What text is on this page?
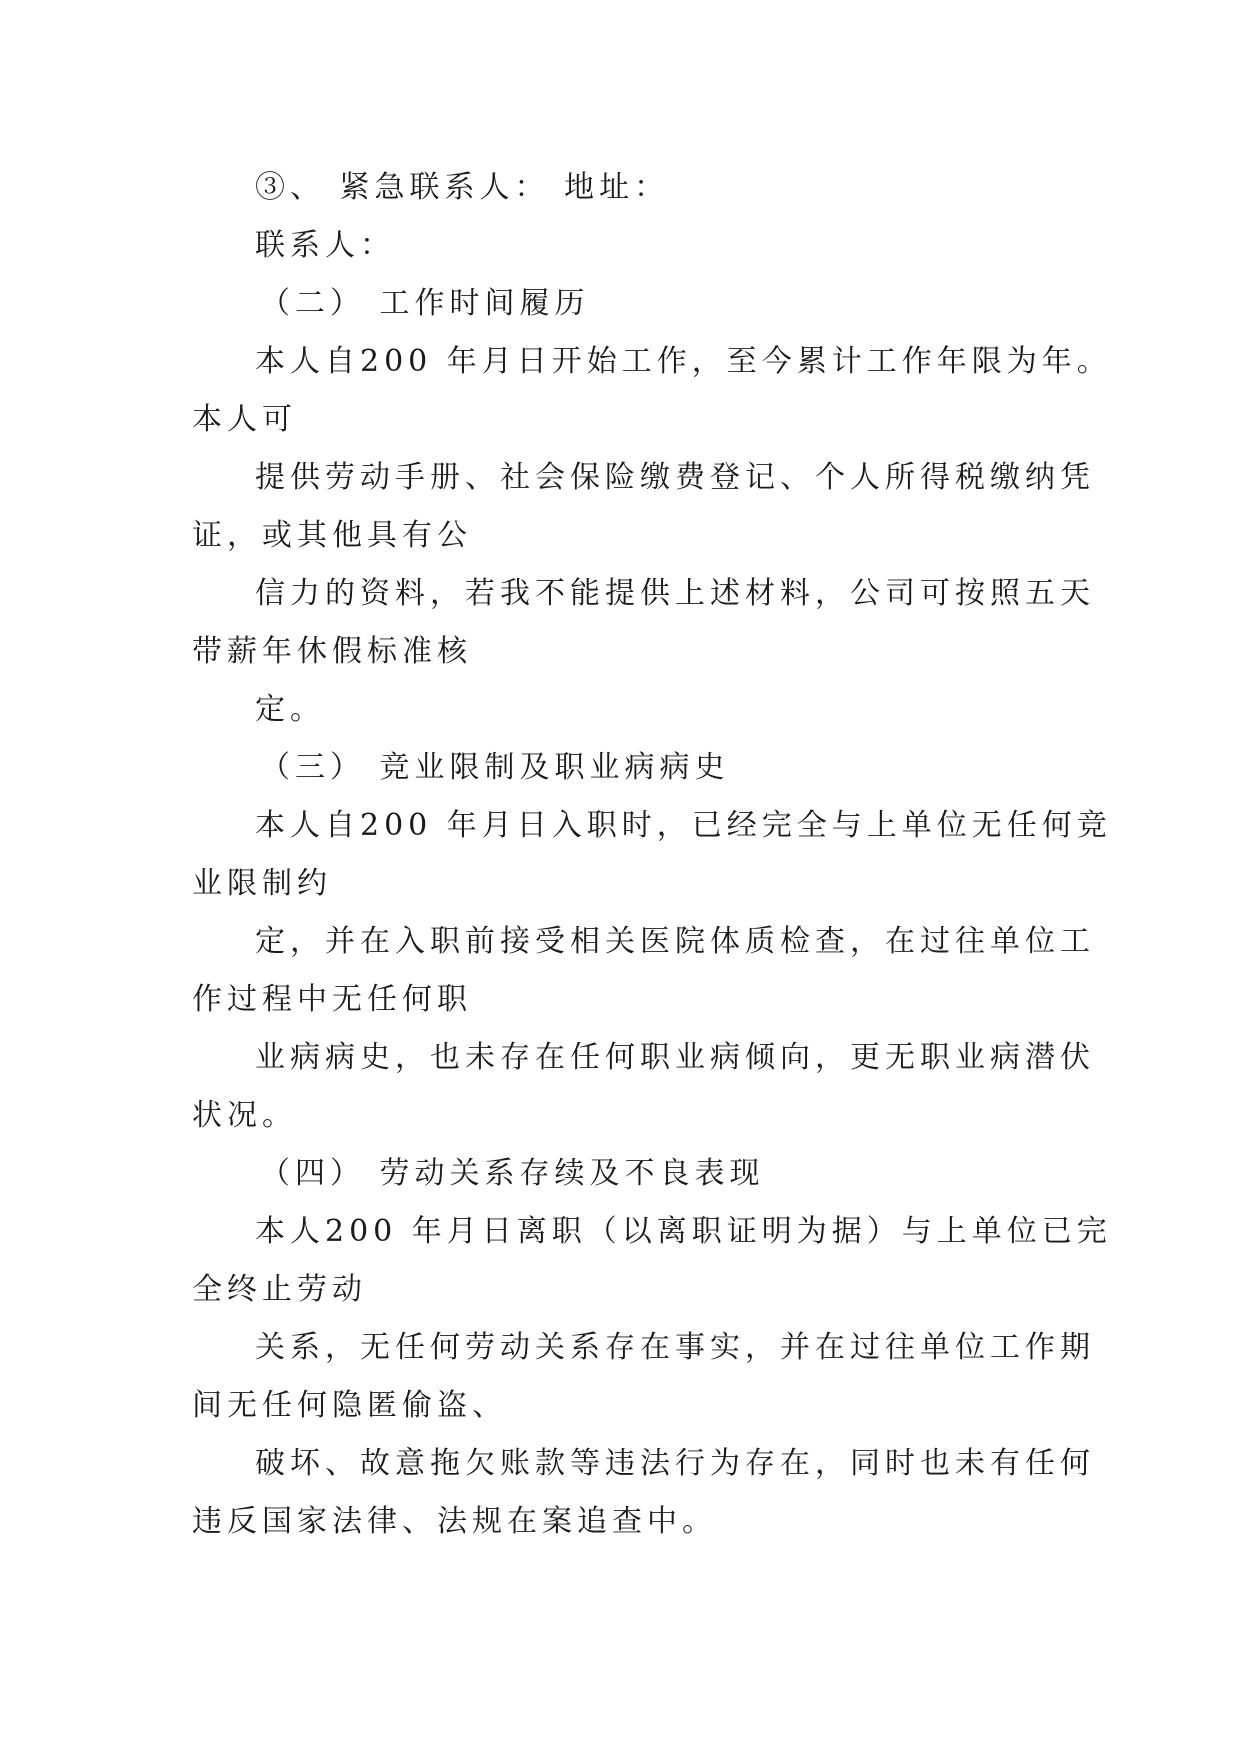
③、 紧急联系人： 地址：
联系人：
（二） 工作时间履历
本人自200 年月日开始工作，至今累计工作年限为年。
本人可
提供劳动手册、社会保险缴费登记、个人所得税缴纳凭
证，或其他具有公
信力的资料，若我不能提供上述材料，公司可按照五天
带薪年休假标准核
定。
（三） 竞业限制及职业病病史
本人自200 年月日入职时，已经完全与上单位无任何竞
业限制约
定，并在入职前接受相关医院体质检查，在过往单位工
作过程中无任何职
业病病史，也未存在任何职业病倾向，更无职业病潜伏
状况。
（四） 劳动关系存续及不良表现
本人200 年月日离职（以离职证明为据）与上单位已完
全终止劳动
关系，无任何劳动关系存在事实，并在过往单位工作期
间无任何隐匿偷盗、
破坏、故意拖欠账款等违法行为存在，同时也未有任何
违反国家法律、法规在案追查中。
